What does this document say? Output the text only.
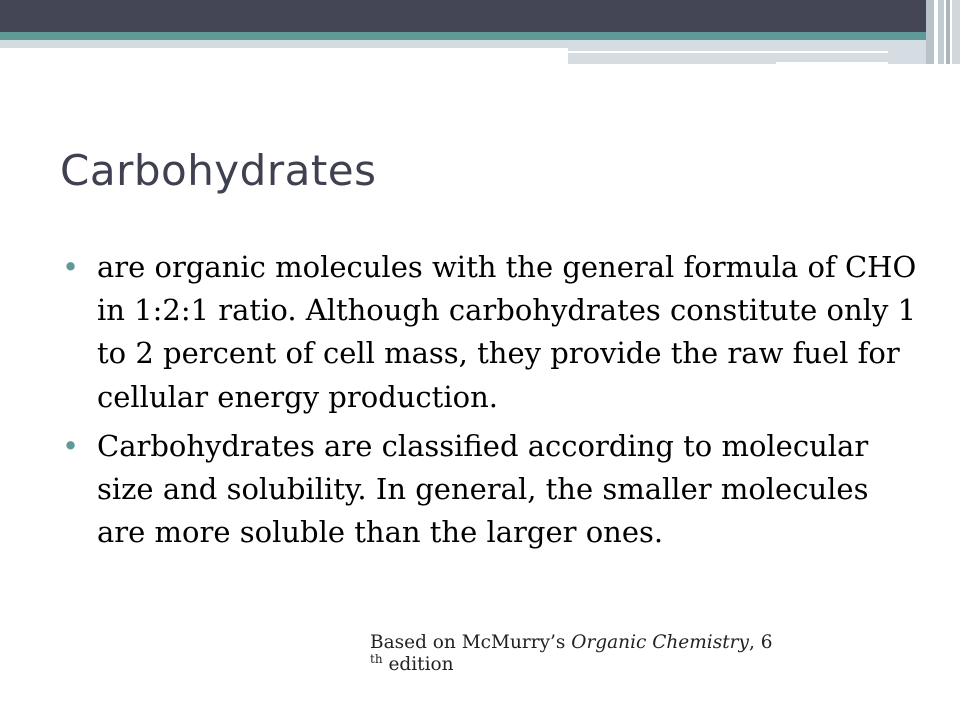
Carbohydrates
• are organic molecules with the general formula of CHO in 1:2:1 ratio. Although carbohydrates constitute only 1 to 2 percent of cell mass, they provide the raw fuel for cellular energy production.
• Carbohydrates are classified according to molecular size and solubility. In general, the smaller molecules are more soluble than the larger ones.
Based on McMurry’s Organic Chemistry, 6
$^{th}$ edition
